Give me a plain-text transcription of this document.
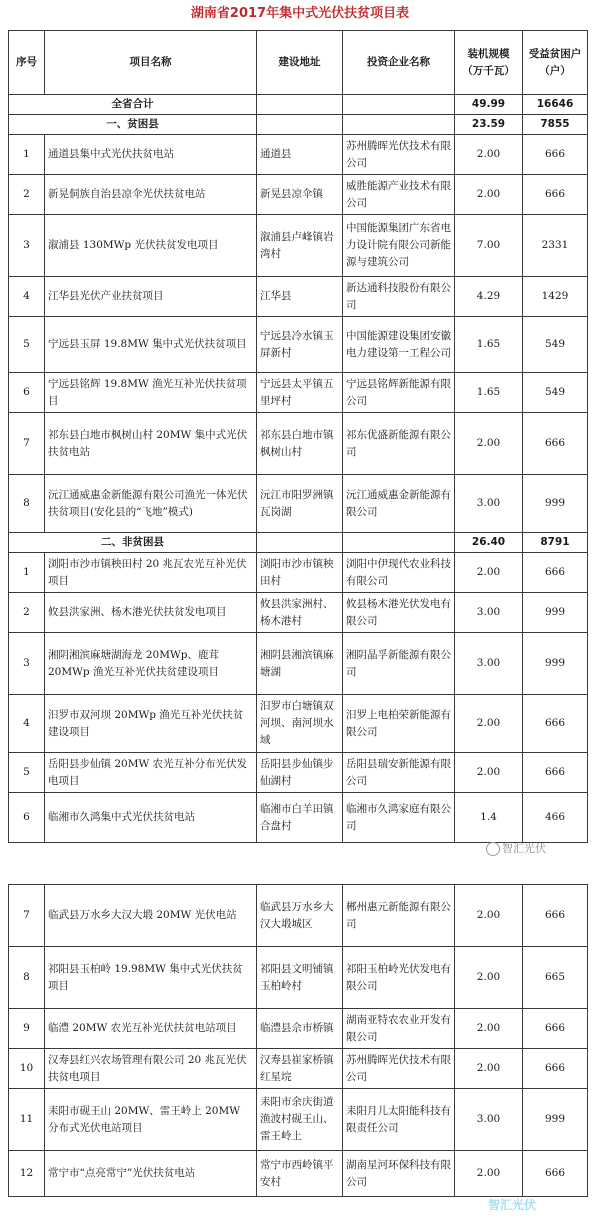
湖南省2017年集中式光伏扶贫项目表
序号	项目名称	建设地址	投资企业名称	装机规模（万千瓦）	受益贫困户（户）
全省合计				49.99	16646
一、贫困县				23.59	7855
1	通道县集中式光伏扶贫电站	通道县	苏州腾晖光伏技术有限公司	2.00	666
2	新晃侗族自治县凉伞光伏扶贫电站	新晃县凉伞镇	威胜能源产业技术有限公司	2.00	666
3	溆浦县 130MWp 光伏扶贫发电项目	溆浦县卢峰镇岩湾村	中国能源集团广东省电力设计院有限公司新能源与建筑公司	7.00	2331
4	江华县光伏产业扶贫项目	江华县	新达通科技股份有限公司	4.29	1429
5	宁远县玉屏 19.8MW 集中式光伏扶贫项目	宁远县冷水镇玉屏新村	中国能源建设集团安徽电力建设第一工程公司	1.65	549
6	宁远县铭辉 19.8MW 渔光互补光伏扶贫项目	宁远县太平镇五里坪村	宁远县铭辉新能源有限公司	1.65	549
7	祁东县白地市枫树山村 20MW 集中式光伏扶贫电站	祁东县白地市镇枫树山村	祁东优盛新能源有限公司	2.00	666
8	沅江通威惠金新能源有限公司渔光一体光伏扶贫项目(安化县的“飞地”模式)	沅江市阳罗洲镇瓦岗湖	沅江通威惠金新能源有限公司	3.00	999
二、非贫困县				26.40	8791
1	浏阳市沙市镇秧田村 20 兆瓦农光互补光伏项目	浏阳市沙市镇秧田村	浏阳中伊现代农业科技有限公司	2.00	666
2	攸县洪家洲、杨木港光伏扶贫发电项目	攸县洪家洲村、杨木港村	攸县杨木港光伏发电有限公司	3.00	999
3	湘阴湘滨麻塘湖海龙 20MWp、鹿茸 20MWp 渔光互补光伏扶贫建设项目	湘阴县湘滨镇麻塘湖	湘阴晶孚新能源有限公司	3.00	999
4	汨罗市双河坝 20MWp 渔光互补光伏扶贫建设项目	汨罗市白塘镇双河坝、南河坝水域	汨罗上电柏荣新能源有限公司	2.00	666
5	岳阳县步仙镇 20MW 农光互补分布光伏发电项目	岳阳县步仙镇步仙湖村	岳阳县瑞安新能源有限公司	2.00	666
6	临湘市久鸿集中式光伏扶贫电站	临湘市白羊田镇合盘村	临湘市久鸿家庭有限公司	1.4	466
7	临武县万水乡大汉大塅 20MW 光伏电站	临武县万水乡大汉大塅城区	郴州惠元新能源有限公司	2.00	666
8	祁阳县玉柏岭 19.98MW 集中式光伏扶贫项目	祁阳县文明铺镇玉柏岭村	祁阳玉柏岭光伏发电有限公司	2.00	665
9	临澧 20MW 农光互补光伏扶贫电站项目	临澧县佘市桥镇	湖南亚特农农业开发有限公司	2.00	666
10	汉寿县红兴农场管理有限公司 20 兆瓦光伏扶贫电项目	汉寿县崔家桥镇红星垸	苏州腾晖光伏技术有限公司	2.00	666
11	耒阳市砚王山 20MW、雷王岭上 20MW 分布式光伏电站项目	耒阳市余庆街道渔波村砚王山、雷王岭上	耒阳月儿太阳能科技有限责任公司	3.00	999
12	常宁市“点亮常宁”光伏扶贫电站	常宁市西岭镇平安村	湖南星河环保科技有限公司	2.00	666
智汇光伏
智汇光伏
